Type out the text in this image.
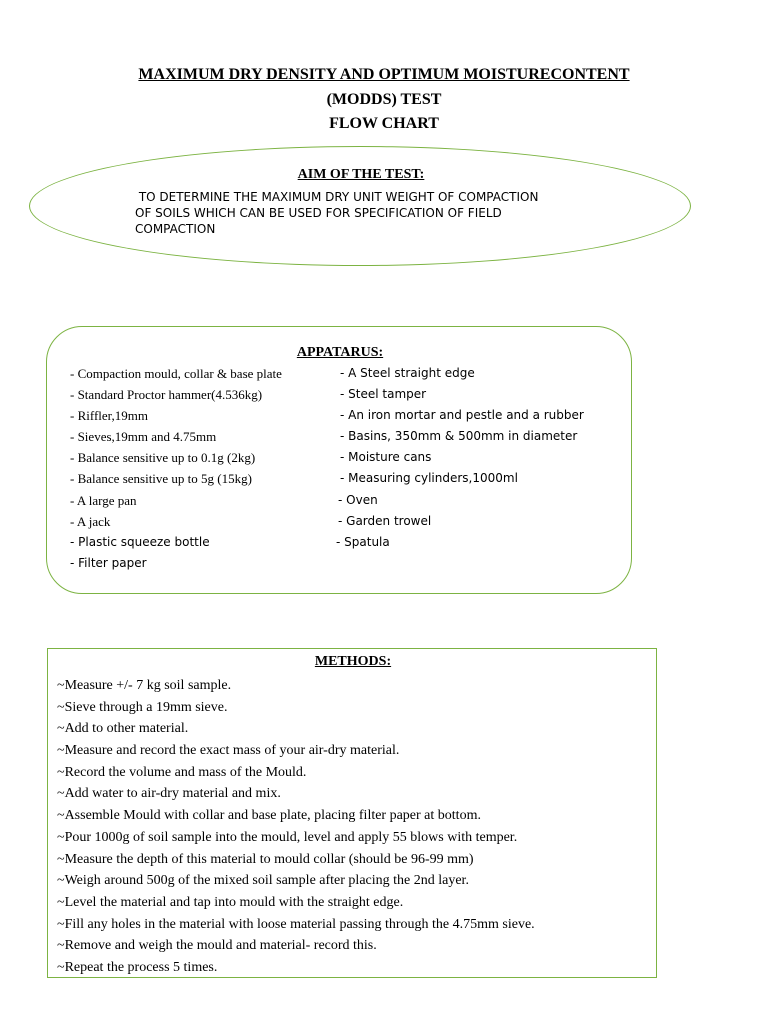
MAXIMUM DRY DENSITY AND OPTIMUM MOISTURECONTENT
(MODDS) TEST
FLOW CHART
AIM OF THE TEST:
TO DETERMINE THE MAXIMUM DRY UNIT WEIGHT OF COMPACTION
OF SOILS WHICH CAN BE USED FOR SPECIFICATION OF FIELD
COMPACTION
APPATARUS:
- Compaction mould, collar & base plate	- A Steel straight edge
- Standard Proctor hammer(4.536kg)	- Steel tamper
- Riffler,19mm	- An iron mortar and pestle and a rubber
- Sieves,19mm and 4.75mm	- Basins, 350mm & 500mm in diameter
- Balance sensitive up to 0.1g (2kg)	- Moisture cans
- Balance sensitive up to 5g (15kg)	- Measuring cylinders,1000ml
- A large pan	- Oven
- A jack	- Garden trowel
- Plastic squeeze bottle	- Spatula
- Filter paper
METHODS:
~Measure +/- 7 kg soil sample.
~Sieve through a 19mm sieve.
~Add to other material.
~Measure and record the exact mass of your air-dry material.
~Record the volume and mass of the Mould.
~Add water to air-dry material and mix.
~Assemble Mould with collar and base plate, placing filter paper at bottom.
~Pour 1000g of soil sample into the mould, level and apply 55 blows with temper.
~Measure the depth of this material to mould collar (should be 96-99 mm)
~Weigh around 500g of the mixed soil sample after placing the 2nd layer.
~Level the material and tap into mould with the straight edge.
~Fill any holes in the material with loose material passing through the 4.75mm sieve.
~Remove and weigh the mould and material- record this.
~Repeat the process 5 times.
